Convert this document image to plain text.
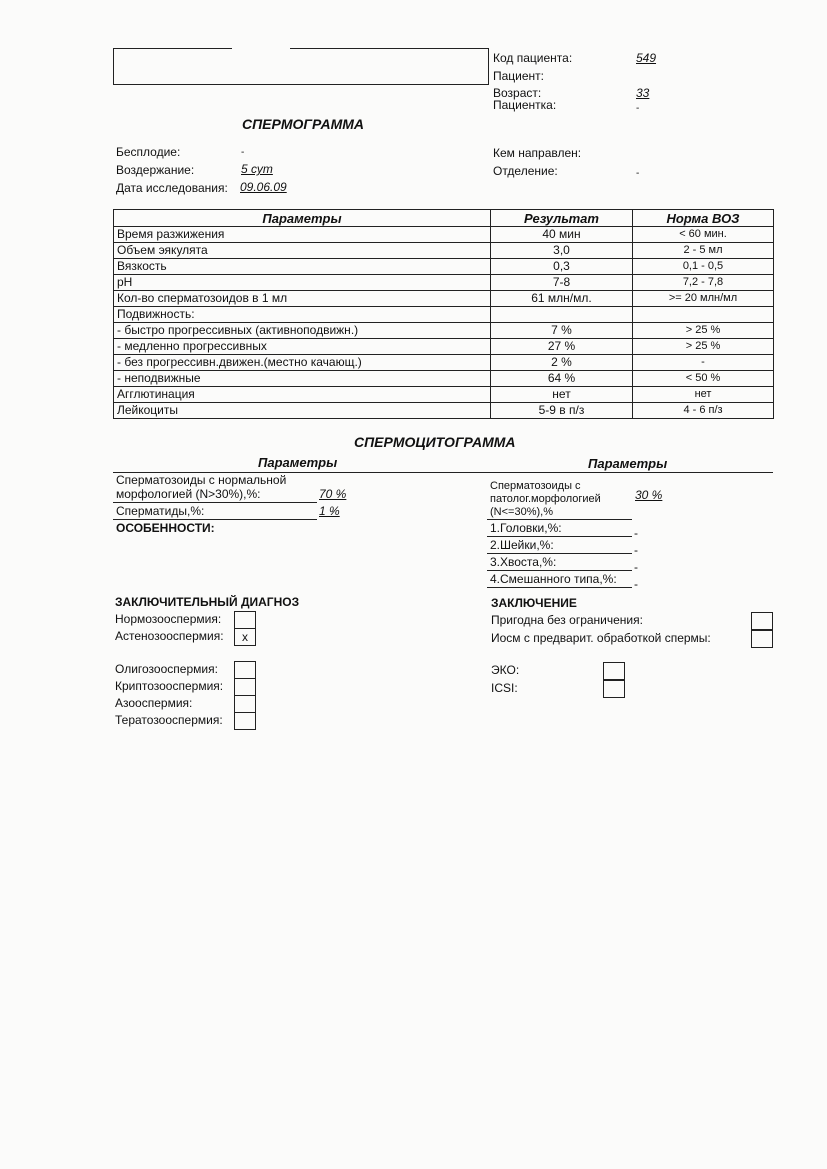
Код пациента:	549
Пациент:
Возраст:	33
Пациентка:	-
СПЕРМОГРАММА
Бесплодие:	-
Воздержание:	5 сут
Дата исследования: 09.06.09
Кем направлен:
Отделение:	-
Параметры	Результат	Норма ВОЗ
Время разжижения	40 мин	< 60 мин.
Объем эякулята	3,0	2 - 5 мл
Вязкость	0,3	0,1 - 0,5
pH	7-8	7,2 - 7,8
Кол-во сперматозоидов в 1 мл	61 млн/мл.	>= 20 млн/мл
Подвижность:		
- быстро прогрессивных (активноподвижн.)	7 %	> 25 %
- медленно прогрессивных	27 %	> 25 %
- без прогрессивн.движен.(местно качающ.)	2 %	-
- неподвижные	64 %	< 50 %
Агглютинация	нет	нет
Лейкоциты	5-9 в п/з	4 - 6 п/з
СПЕРМОЦИТОГРАММА
Параметры	Параметры
Сперматозоиды с нормальной
морфологией (N>30%),%:	70 %
Сперматиды,%:	1 %
ОСОБЕННОСТИ:
Сперматозоиды с
патолог.морфологией
(N<=30%),%
30 %
1.Головки,%:	-
2.Шейки,%:	-
3.Хвоста,%:	-
4.Смешанного типа,%: -
ЗАКЛЮЧИТЕЛЬНЫЙ ДИАГНОЗ
Нормозооспермия:
Астенозооспермия:	x
Олигозооспермия:
Криптозооспермия:
Азооспермия:
Тератозооспермия:
ЗАКЛЮЧЕНИЕ
Пригодна без ограничения:
Иосм с предварит. обработкой спермы:
ЭКО:
ICSI:
